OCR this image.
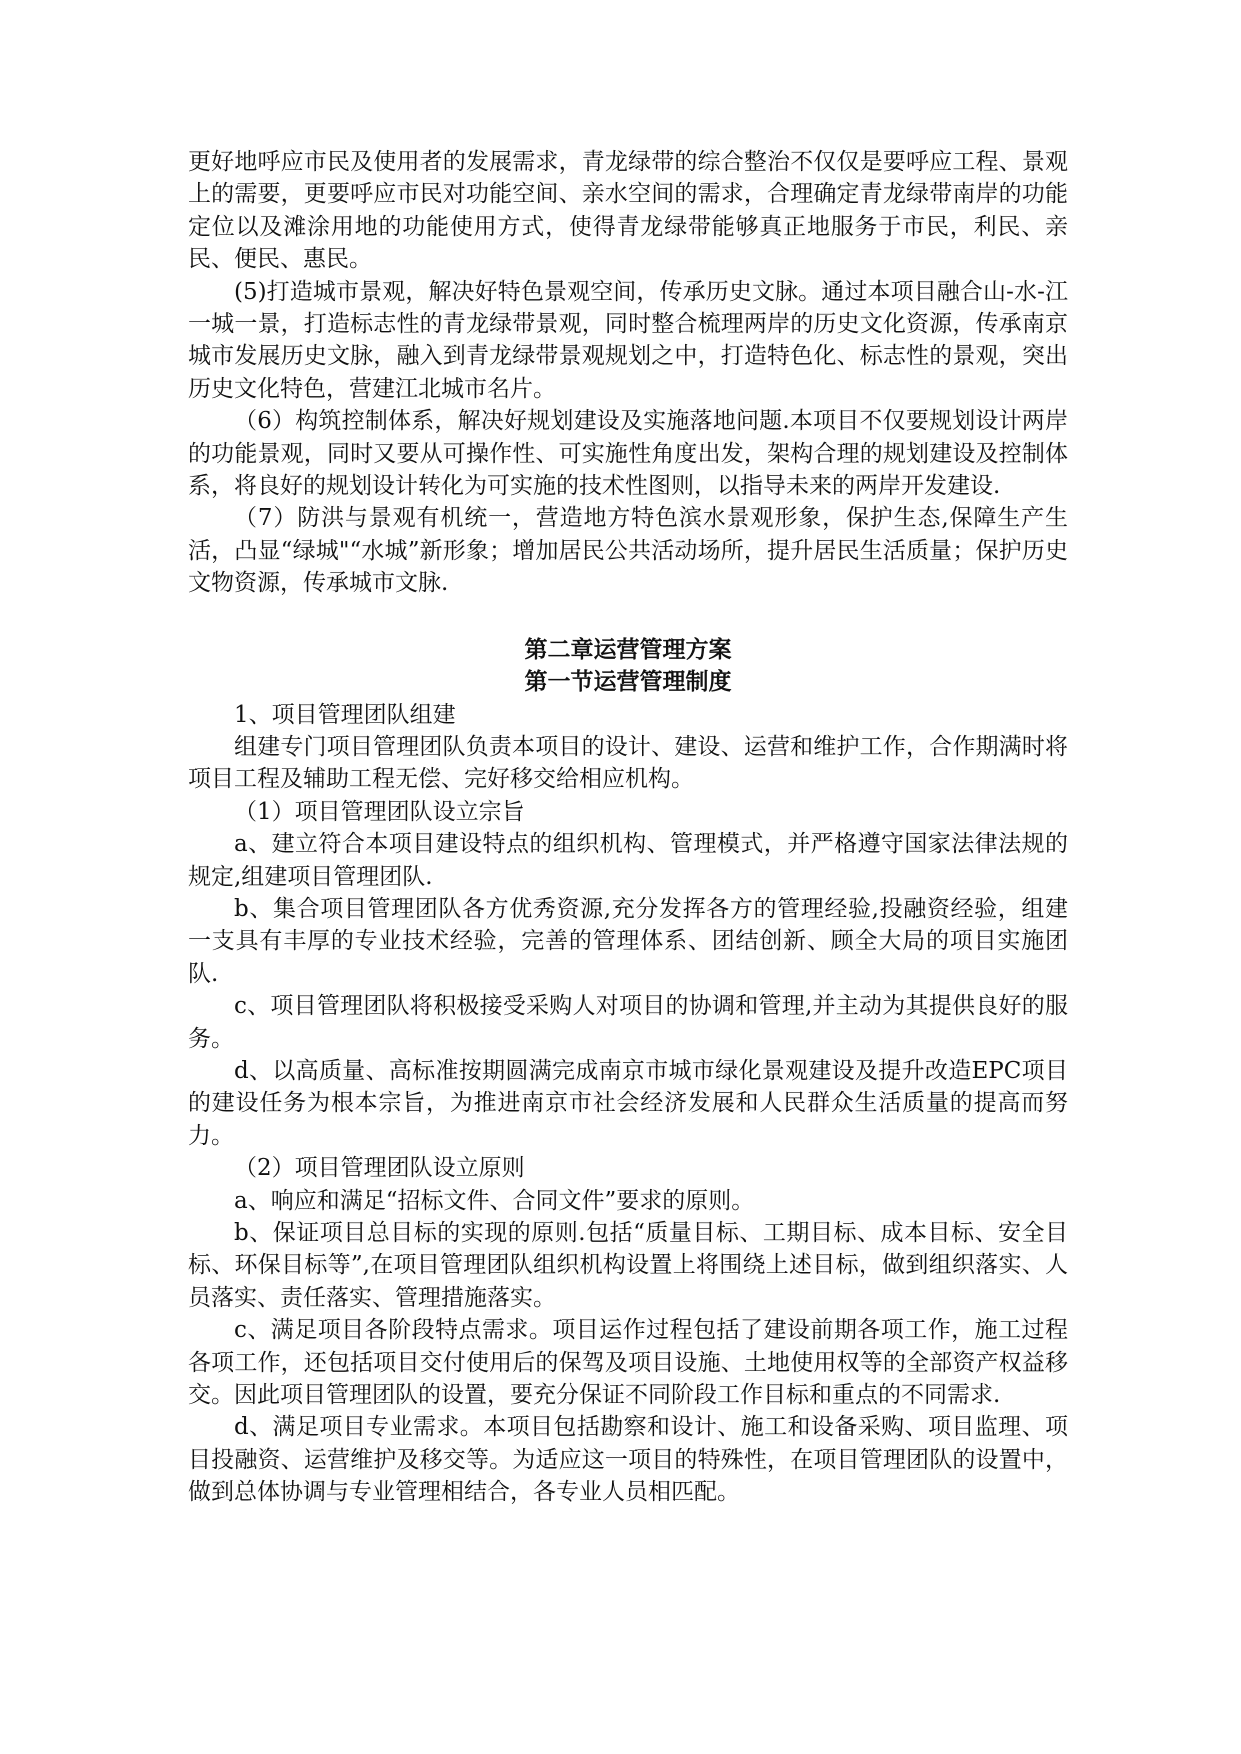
更好地呼应市民及使用者的发展需求，青龙绿带的综合整治不仅仅是要呼应工程、景观上的需要，更要呼应市民对功能空间、亲水空间的需求，合理确定青龙绿带南岸的功能定位以及滩涂用地的功能使用方式，使得青龙绿带能够真正地服务于市民，利民、亲民、便民、惠民。

(5)打造城市景观，解决好特色景观空间，传承历史文脉。通过本项目融合山-水-江一城一景，打造标志性的青龙绿带景观，同时整合梳理两岸的历史文化资源，传承南京城市发展历史文脉，融入到青龙绿带景观规划之中，打造特色化、标志性的景观，突出历史文化特色，营建江北城市名片。

（6）构筑控制体系，解决好规划建设及实施落地问题.本项目不仅要规划设计两岸的功能景观，同时又要从可操作性、可实施性角度出发，架构合理的规划建设及控制体系，将良好的规划设计转化为可实施的技术性图则，以指导未来的两岸开发建设.

（7）防洪与景观有机统一，营造地方特色滨水景观形象，保护生态,保障生产生活，凸显“绿城"“水城”新形象；增加居民公共活动场所，提升居民生活质量；保护历史文物资源，传承城市文脉.

第二章运营管理方案
第一节运营管理制度

1、项目管理团队组建

组建专门项目管理团队负责本项目的设计、建设、运营和维护工作，合作期满时将项目工程及辅助工程无偿、完好移交给相应机构。

（1）项目管理团队设立宗旨

a、建立符合本项目建设特点的组织机构、管理模式，并严格遵守国家法律法规的规定,组建项目管理团队.

b、集合项目管理团队各方优秀资源,充分发挥各方的管理经验,投融资经验，组建一支具有丰厚的专业技术经验，完善的管理体系、团结创新、顾全大局的项目实施团队.

c、项目管理团队将积极接受采购人对项目的协调和管理,并主动为其提供良好的服务。

d、以高质量、高标准按期圆满完成南京市城市绿化景观建设及提升改造EPC项目的建设任务为根本宗旨，为推进南京市社会经济发展和人民群众生活质量的提高而努力。

（2）项目管理团队设立原则

a、响应和满足“招标文件、合同文件”要求的原则。

b、保证项目总目标的实现的原则.包括“质量目标、工期目标、成本目标、安全目标、环保目标等”,在项目管理团队组织机构设置上将围绕上述目标，做到组织落实、人员落实、责任落实、管理措施落实。

c、满足项目各阶段特点需求。项目运作过程包括了建设前期各项工作，施工过程各项工作，还包括项目交付使用后的保驾及项目设施、土地使用权等的全部资产权益移交。因此项目管理团队的设置，要充分保证不同阶段工作目标和重点的不同需求.

d、满足项目专业需求。本项目包括勘察和设计、施工和设备采购、项目监理、项目投融资、运营维护及移交等。为适应这一项目的特殊性，在项目管理团队的设置中，做到总体协调与专业管理相结合，各专业人员相匹配。
